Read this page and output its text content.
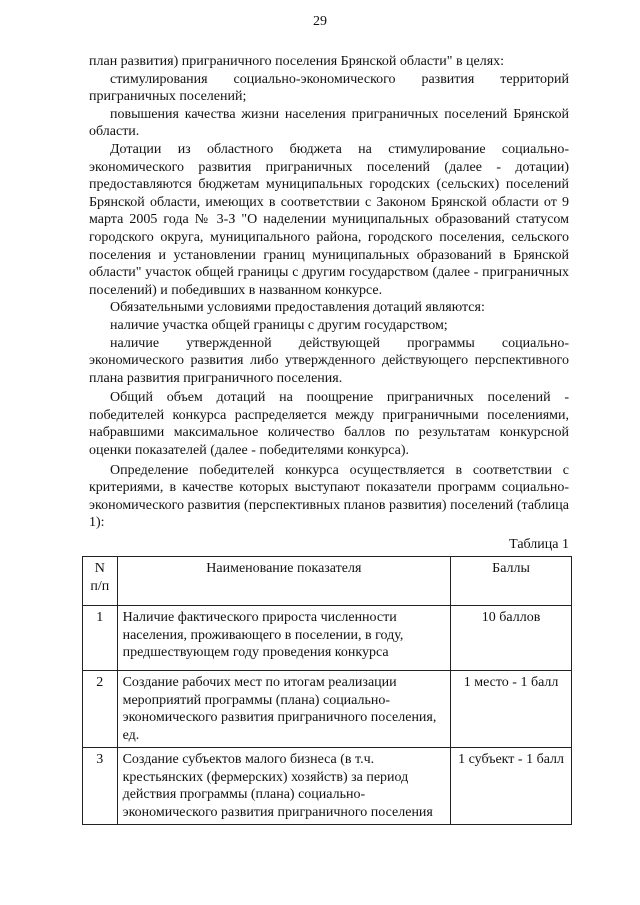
29

план развития) приграничного поселения Брянской области" в целях:

стимулирования социально-экономического развития территорий приграничных поселений;

повышения качества жизни населения приграничных поселений Брянской области.

Дотации из областного бюджета на стимулирование социально-экономического развития приграничных поселений (далее - дотации) предоставляются бюджетам муниципальных городских (сельских) поселений Брянской области, имеющих в соответствии с Законом Брянской области от 9 марта 2005 года № 3-З "О наделении муниципальных образований статусом городского округа, муниципального района, городского поселения, сельского поселения и установлении границ муниципальных образований в Брянской области" участок общей границы с другим государством (далее - приграничных поселений) и победивших в названном конкурсе.

Обязательными условиями предоставления дотаций являются:

наличие участка общей границы с другим государством;

наличие утвержденной действующей программы социально-экономического развития либо утвержденного действующего перспективного плана развития приграничного поселения.

Общий объем дотаций на поощрение приграничных поселений - победителей конкурса распределяется между приграничными поселениями, набравшими максимальное количество баллов по результатам конкурсной оценки показателей (далее - победителями конкурса).

Определение победителей конкурса осуществляется в соответствии с критериями, в качестве которых выступают показатели программ социально-экономического развития (перспективных планов развития) поселений (таблица 1):

Таблица 1
N п/п	Наименование показателя	Баллы
1	Наличие фактического прироста численности населения, проживающего в поселении, в году, предшествующем году проведения конкурса	10 баллов
2	Создание рабочих мест по итогам реализации мероприятий программы (плана) социально-экономического развития приграничного поселения, ед.	1 место - 1 балл
3	Создание субъектов малого бизнеса (в т.ч. крестьянских (фермерских) хозяйств) за период действия программы (плана) социально-экономического развития приграничного поселения	1 субъект - 1 балл
